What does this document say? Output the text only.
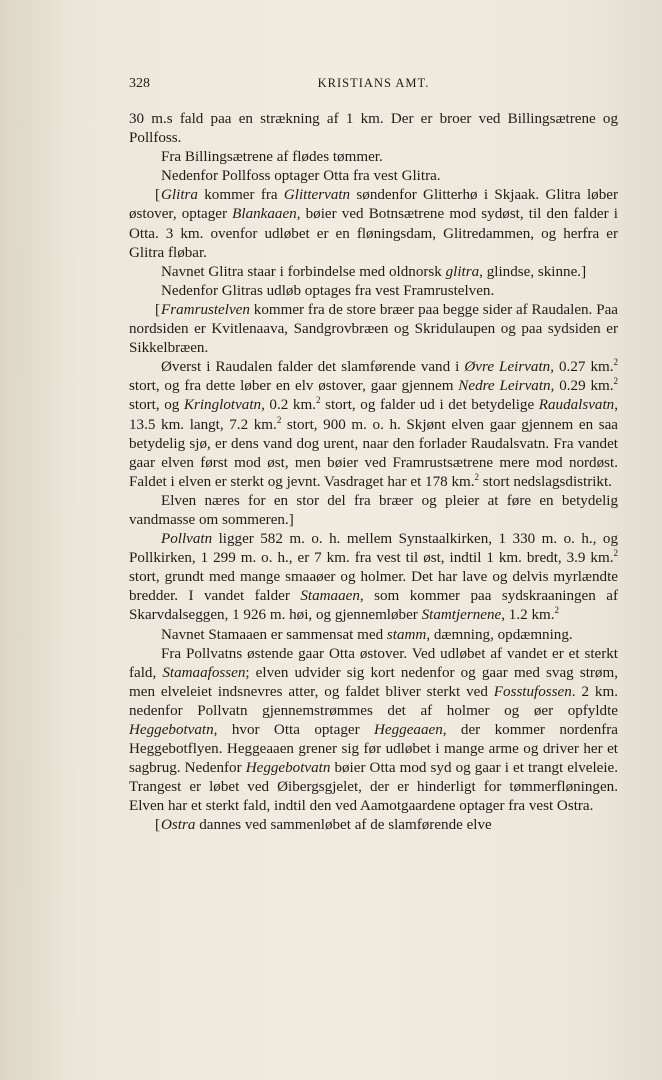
328	KRISTIANS AMT.

30 m.s fald paa en strækning af 1 km. Der er broer ved Billingsætrene og Pollfoss.

Fra Billingsætrene af flødes tømmer.

Nedenfor Pollfoss optager Otta fra vest Glitra.

[ Glitra kommer fra Glittervatn søndenfor Glitterhø i Skjaak. Glitra løber østover, optager Blankaaen, bøier ved Botnsætrene mod sydøst, til den falder i Otta. 3 km. ovenfor udløbet er en fløningsdam, Glitredammen, og herfra er Glitra fløbar.

Navnet Glitra staar i forbindelse med oldnorsk glitra, glindse, skinne. ]

Nedenfor Glitras udløb optages fra vest Framrustelven.

[ Framrustelven kommer fra de store bræer paa begge sider af Raudalen. Paa nordsiden er Kvitlenaava, Sandgrovbræen og Skridulaupen og paa sydsiden er Sikkelbræen.

Øverst i Raudalen falder det slamførende vand i Øvre Leirvatn, 0.27 km.$^2$ stort, og fra dette løber en elv østover, gaar gjennem Nedre Leirvatn, 0.29 km.$^2$ stort, og Kringlotvatn, 0.2 km.$^2$ stort, og falder ud i det betydelige Raudalsvatn, 13.5 km. langt, 7.2 km.$^2$ stort, 900 m. o. h. Skjønt elven gaar gjennem en saa betydelig sjø, er dens vand dog urent, naar den forlader Raudalsvatn. Fra vandet gaar elven først mod øst, men bøier ved Framrustsætrene mere mod nordøst. Faldet i elven er sterkt og jevnt. Vasdraget har et 178 km.$^2$ stort nedslagsdistrikt.

Elven næres for en stor del fra bræer og pleier at føre en betydelig vandmasse om sommeren. ]

Pollvatn ligger 582 m. o. h. mellem Synstaalkirken, 1 330 m. o. h., og Pollkirken, 1 299 m. o. h., er 7 km. fra vest til øst, indtil 1 km. bredt, 3.9 km.$^2$ stort, grundt med mange smaaøer og holmer. Det har lave og delvis myrlændte bredder. I vandet falder Stamaaen, som kommer paa sydskraaningen af Skarvdalseggen, 1 926 m. høi, og gjennemløber Stamtjernene, 1.2 km.$^2$

Navnet Stamaaen er sammensat med stamm, dæmning, opdæmning.

Fra Pollvatns østende gaar Otta østover. Ved udløbet af vandet er et sterkt fald, Stamaafossen; elven udvider sig kort nedenfor og gaar med svag strøm, men elveleiet indsnevres atter, og faldet bliver sterkt ved Fosstufossen. 2 km. nedenfor Pollvatn gjennemstrømmes det af holmer og øer opfyldte Heggebotvatn, hvor Otta optager Heggeaaen, der kommer nordenfra Heggebotflyen. Heggeaaen grener sig før udløbet i mange arme og driver her et sagbrug. Nedenfor Heggebotvatn bøier Otta mod syd og gaar i et trangt elveleie. Trangest er løbet ved Øibergsgjelet, der er hinderligt for tømmerfløningen. Elven har et sterkt fald, indtil den ved Aamotgaardene optager fra vest Ostra.

[ Ostra dannes ved sammenløbet af de slamførende elve
